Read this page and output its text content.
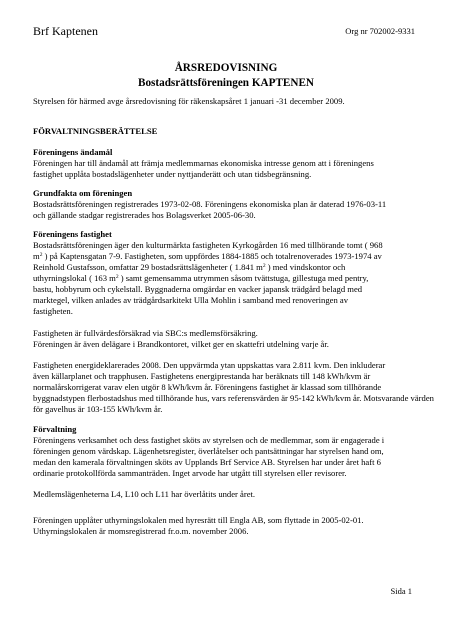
Brf Kaptenen	Org nr 702002-9331
ÅRSREDOVISNING
Bostadsrättsföreningen KAPTENEN
Styrelsen för härmed avge årsredovisning för räkenskapsåret 1 januari -31 december 2009.
FÖRVALTNINGSBERÄTTELSE
Föreningens ändamål
Föreningen har till ändamål att främja medlemmarnas ekonomiska intresse genom att i föreningens
fastighet upplåta bostadslägenheter under nyttjanderätt och utan tidsbegränsning.
Grundfakta om föreningen
Bostadsrättsföreningen registrerades 1973-02-08. Föreningens ekonomiska plan är daterad 1976-03-11
och gällande stadgar registrerades hos Bolagsverket 2005-06-30.
Föreningens fastighet
Bostadsrättsföreningen äger den kulturmärkta fastigheten Kyrkogården 16 med tillhörande tomt ( 968
$m^2$ ) på Kaptensgatan 7-9. Fastigheten, som uppfördes 1884-1885 och totalrenoverades 1973-1974 av
Reinhold Gustafsson, omfattar 29 bostadsrättslägenheter ( 1.841 $m^2$ ) med vindskontor och
uthyrningslokal ( 163 $m^2$ ) samt gemensamma utrymmen såsom tvättstuga, gillestuga med pentry,
bastu, hobbyrum och cykelstall. Byggnaderna omgärdar en vacker japansk trädgård belagd med
marktegel, vilken anlades av trädgårdsarkitekt Ulla Mohlin i samband med renoveringen av
fastigheten.
Fastigheten är fullvärdesförsäkrad via SBC:s medlemsförsäkring.
Föreningen är även delägare i Brandkontoret, vilket ger en skattefri utdelning varje år.
Fastigheten energideklarerades 2008. Den uppvärmda ytan uppskattas vara 2.811 kvm. Den inkluderar
även källarplanet och trapphusen. Fastighetens energiprestanda har beräknats till 148 kWh/kvm är
normalårskorrigerat varav elen utgör 8 kWh/kvm år. Föreningens fastighet är klassad som tillhörande
byggnadstypen flerbostadshus med tillhörande hus, vars referensvärden är 95-142 kWh/kvm år. Motsvarande värden
för gavelhus är 103-155 kWh/kvm år.
Förvaltning
Föreningens verksamhet och dess fastighet sköts av styrelsen och de medlemmar, som är engagerade i
föreningen genom värdskap. Lägenhetsregister, överlåtelser och pantsättningar har styrelsen hand om,
medan den kamerala förvaltningen sköts av Upplands Brf Service AB. Styrelsen har under året haft 6
ordinarie protokollförda sammanträden. Inget arvode har utgått till styrelsen eller revisorer.
Medlemslägenheterna L4, L10 och L11 har överlåtits under året.
Föreningen upplåter uthyrningslokalen med hyresrätt till Engla AB, som flyttade in 2005-02-01.
Uthyrningslokalen är momsregistrerad fr.o.m. november 2006.
Sida 1
